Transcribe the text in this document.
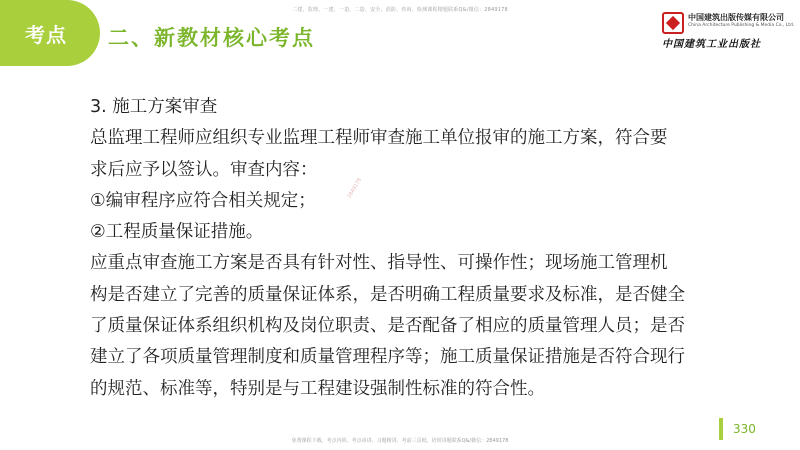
二建、监理、一建、一造、二造、安全、消防、咨询、检测课程精题联系Q&/微信：2849178
考点 二、新教材核心考点
中国建筑出版传媒有限公司
China Architecture Publishing & Media Co., Ltd.
中国建筑工业出版社

3. 施工方案审查

总监理工程师应组织专业监理工程师审查施工单位报审的施工方案，符合要

求后应予以签认。审查内容：

①编审程序应符合相关规定；

②工程质量保证措施。

应重点审查施工方案是否具有针对性、指导性、可操作性；现场施工管理机

构是否建立了完善的质量保证体系，是否明确工程质量要求及标准，是否健全

了质量保证体系组织机构及岗位职责、是否配备了相应的质量管理人员；是否

建立了各项质量管理制度和质量管理程序等；施工质量保证措施是否符合现行

的规范、标准等，特别是与工程建设强制性标准的符合性。

2849178
330
免费课程下载、考点内训、考点串讲、习题精讲、考前三页纸、培训讲题联系Q&/微信：2849178
